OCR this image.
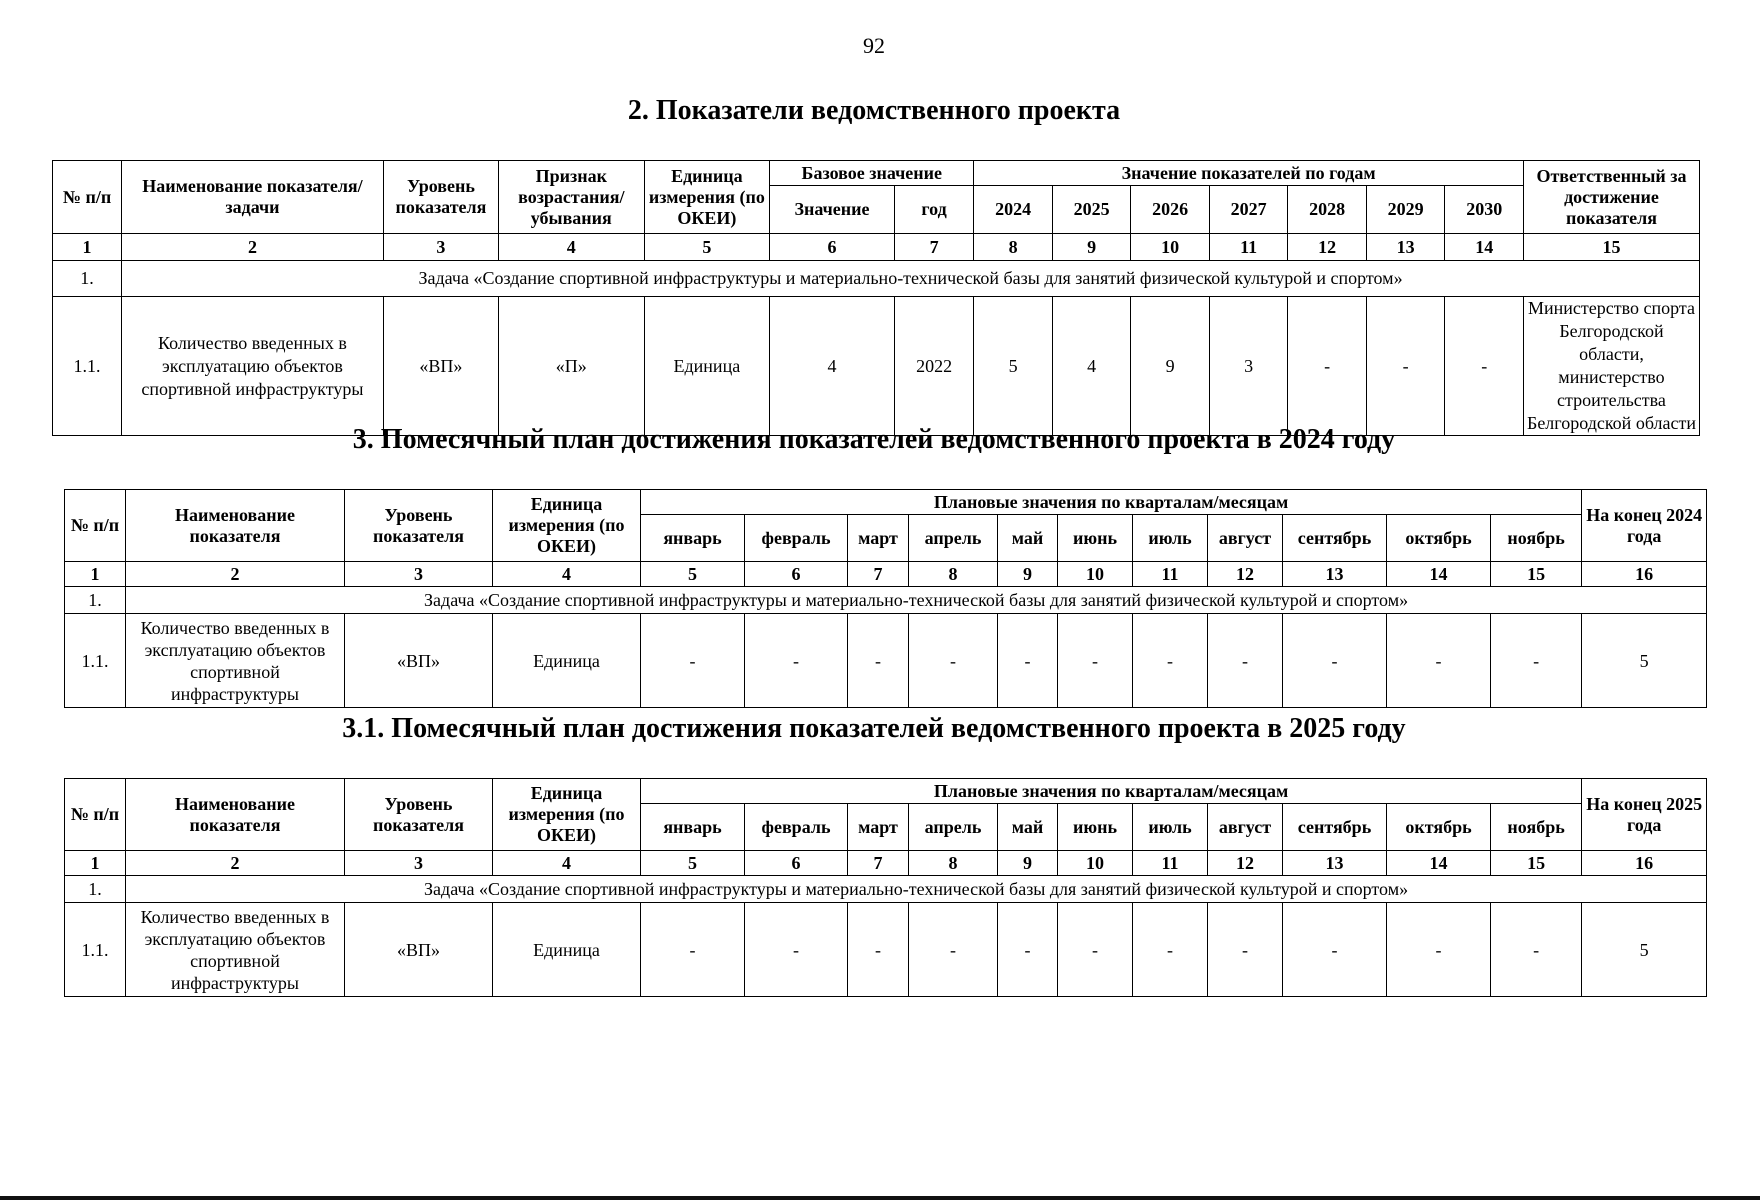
92
2. Показатели ведомственного проекта
№ п/п	Наименование показателя/задачи	Уровень показателя	Признак возрастания/ убывания	Единица измерения (по ОКЕИ)	Базовое значение		Значение показателей по годам							Ответственный за достижение показателя
					Значение	год	2024	2025	2026	2027	2028	2029	2030	
1	2	3	4	5	6	7	8	9	10	11	12	13	14	15
1.	Задача «Создание спортивной инфраструктуры и материально-технической базы для занятий физической культурой и спортом»													
1.1.	Количество введенных в эксплуатацию объектов спортивной инфраструктуры	«ВП»	«П»	Единица	4	2022	5	4	9	3	-	-	-	Министерство спорта Белгородской области, министерство строительства Белгородской области
3. Помесячный план достижения показателей ведомственного проекта в 2024 году
№ п/п	Наименование показателя	Уровень показателя	Единица измерения (по ОКЕИ)	Плановые значения по кварталам/месяцам											На конец 2024 года
				январь	февраль	март	апрель	май	июнь	июль	август	сентябрь	октябрь	ноябрь	
1	2	3	4	5	6	7	8	9	10	11	12	13	14	15	16
1.	Задача «Создание спортивной инфраструктуры и материально-технической базы для занятий физической культурой и спортом»														
1.1.	Количество введенных в эксплуатацию объектов спортивной инфраструктуры	«ВП»	Единица	-	-	-	-	-	-	-	-	-	-	-	5
3.1. Помесячный план достижения показателей ведомственного проекта в 2025 году
№ п/п	Наименование показателя	Уровень показателя	Единица измерения (по ОКЕИ)	Плановые значения по кварталам/месяцам											На конец 2025 года
				январь	февраль	март	апрель	май	июнь	июль	август	сентябрь	октябрь	ноябрь	
1	2	3	4	5	6	7	8	9	10	11	12	13	14	15	16
1.	Задача «Создание спортивной инфраструктуры и материально-технической базы для занятий физической культурой и спортом»														
1.1.	Количество введенных в эксплуатацию объектов спортивной инфраструктуры	«ВП»	Единица	-	-	-	-	-	-	-	-	-	-	-	5
